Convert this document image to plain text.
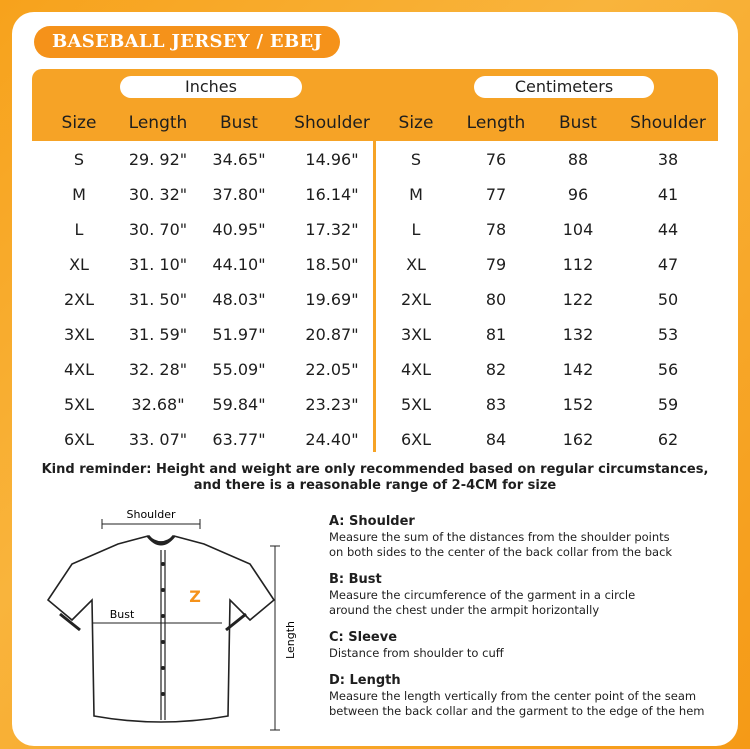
BASEBALL JERSEY / EBEJ
Inches	Centimeters
Size Length Bust Shoulder Size Length Bust Shoulder
S	29. 92" 34.65" 14.96"	S	76	88	38
M	30. 32" 37.80" 16.14"	M	77	96	41
L	30. 70" 40.95" 17.32"	L	78	104	44
XL 31. 10" 44.10" 18.50"	XL	79	112	47
2XL 31. 50" 48.03" 19.69"	2XL	80	122	50
3XL 31. 59" 51.97" 20.87"	3XL	81	132	53
4XL 32. 28" 55.09" 22.05"	4XL	82	142	56
5XL 32.68" 59.84" 23.23"	5XL	83	152	59
6XL 33. 07" 63.77" 24.40"	6XL	84	162	62
Kind reminder: Height and weight are only recommended based on regular circumstances,
and there is a reasonable range of 2-4CM for size
Shoulder
Z
Bust
Length
A: Shoulder
Measure the sum of the distances from the shoulder points
on both sides to the center of the back collar from the back
B: Bust
Measure the circumference of the garment in a circle
around the chest under the armpit horizontally
C: Sleeve
Distance from shoulder to cuff
D: Length
Measure the length vertically from the center point of the seam
between the back collar and the garment to the edge of the hem
